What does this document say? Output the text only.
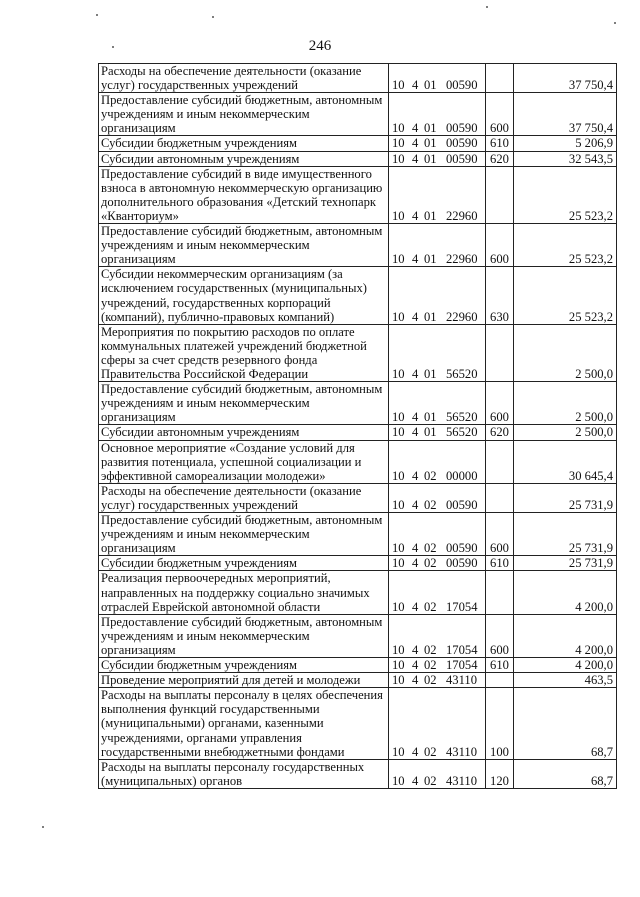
246
Расходы на обеспечение деятельности (оказание услуг) государственных учреждений	10 4 01 00590		37 750,4
Предоставление субсидий бюджетным, автономным учреждениям и иным некоммерческим организациям	10 4 01 00590	600	37 750,4
Субсидии бюджетным учреждениям	10 4 01 00590	610	5 206,9
Субсидии автономным учреждениям	10 4 01 00590	620	32 543,5
Предоставление субсидий в виде имущественного взноса в автономную некоммерческую организацию дополнительного образования «Детский технопарк «Кванториум»	10 4 01 22960		25 523,2
Предоставление субсидий бюджетным, автономным учреждениям и иным некоммерческим организациям	10 4 01 22960	600	25 523,2
Субсидии некоммерческим организациям (за исключением государственных (муниципальных) учреждений, государственных корпораций (компаний), публично-правовых компаний)	10 4 01 22960	630	25 523,2
Мероприятия по покрытию расходов по оплате коммунальных платежей учреждений бюджетной сферы за счет средств резервного фонда Правительства Российской Федерации	10 4 01 56520		2 500,0
Предоставление субсидий бюджетным, автономным учреждениям и иным некоммерческим организациям	10 4 01 56520	600	2 500,0
Субсидии автономным учреждениям	10 4 01 56520	620	2 500,0
Основное мероприятие «Создание условий для развития потенциала, успешной социализации и эффективной самореализации молодежи»	10 4 02 00000		30 645,4
Расходы на обеспечение деятельности (оказание услуг) государственных учреждений	10 4 02 00590		25 731,9
Предоставление субсидий бюджетным, автономным учреждениям и иным некоммерческим организациям	10 4 02 00590	600	25 731,9
Субсидии бюджетным учреждениям	10 4 02 00590	610	25 731,9
Реализация первоочередных мероприятий, направленных на поддержку социально значимых отраслей Еврейской автономной области	10 4 02 17054		4 200,0
Предоставление субсидий бюджетным, автономным учреждениям и иным некоммерческим организациям	10 4 02 17054	600	4 200,0
Субсидии бюджетным учреждениям	10 4 02 17054	610	4 200,0
Проведение мероприятий для детей и молодежи	10 4 02 43110		463,5
Расходы на выплаты персоналу в целях обеспечения выполнения функций государственными (муниципальными) органами, казенными учреждениями, органами управления государственными внебюджетными фондами	10 4 02 43110	100	68,7
Расходы на выплаты персоналу государственных (муниципальных) органов	10 4 02 43110	120	68,7
